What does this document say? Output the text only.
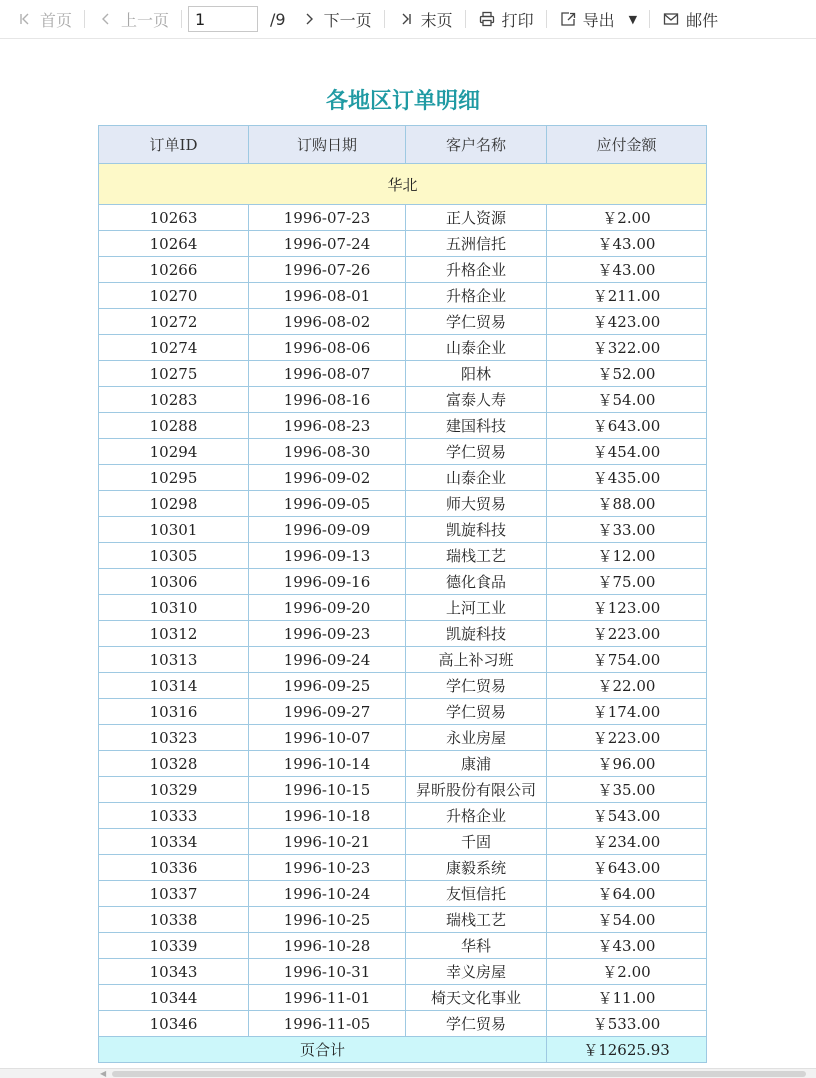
首页	上一页
1	/9 下一页	末页	打印	导出 ▼	邮件
各地区订单明细
订单ID	订购日期	客户名称	应付金额
华北			
10263	1996-07-23	正人资源	￥2.00
10264	1996-07-24	五洲信托	￥43.00
10266	1996-07-26	升格企业	￥43.00
10270	1996-08-01	升格企业	￥211.00
10272	1996-08-02	学仁贸易	￥423.00
10274	1996-08-06	山泰企业	￥322.00
10275	1996-08-07	阳林	￥52.00
10283	1996-08-16	富泰人寿	￥54.00
10288	1996-08-23	建国科技	￥643.00
10294	1996-08-30	学仁贸易	￥454.00
10295	1996-09-02	山泰企业	￥435.00
10298	1996-09-05	师大贸易	￥88.00
10301	1996-09-09	凯旋科技	￥33.00
10305	1996-09-13	瑞栈工艺	￥12.00
10306	1996-09-16	德化食品	￥75.00
10310	1996-09-20	上河工业	￥123.00
10312	1996-09-23	凯旋科技	￥223.00
10313	1996-09-24	高上补习班	￥754.00
10314	1996-09-25	学仁贸易	￥22.00
10316	1996-09-27	学仁贸易	￥174.00
10323	1996-10-07	永业房屋	￥223.00
10328	1996-10-14	康浦	￥96.00
10329	1996-10-15	昇昕股份有限公司	￥35.00
10333	1996-10-18	升格企业	￥543.00
10334	1996-10-21	千固	￥234.00
10336	1996-10-23	康毅系统	￥643.00
10337	1996-10-24	友恒信托	￥64.00
10338	1996-10-25	瑞栈工艺	￥54.00
10339	1996-10-28	华科	￥43.00
10343	1996-10-31	幸义房屋	￥2.00
10344	1996-11-01	椅天文化事业	￥11.00
10346	1996-11-05	学仁贸易	￥533.00
页合计			￥12625.93
◀
